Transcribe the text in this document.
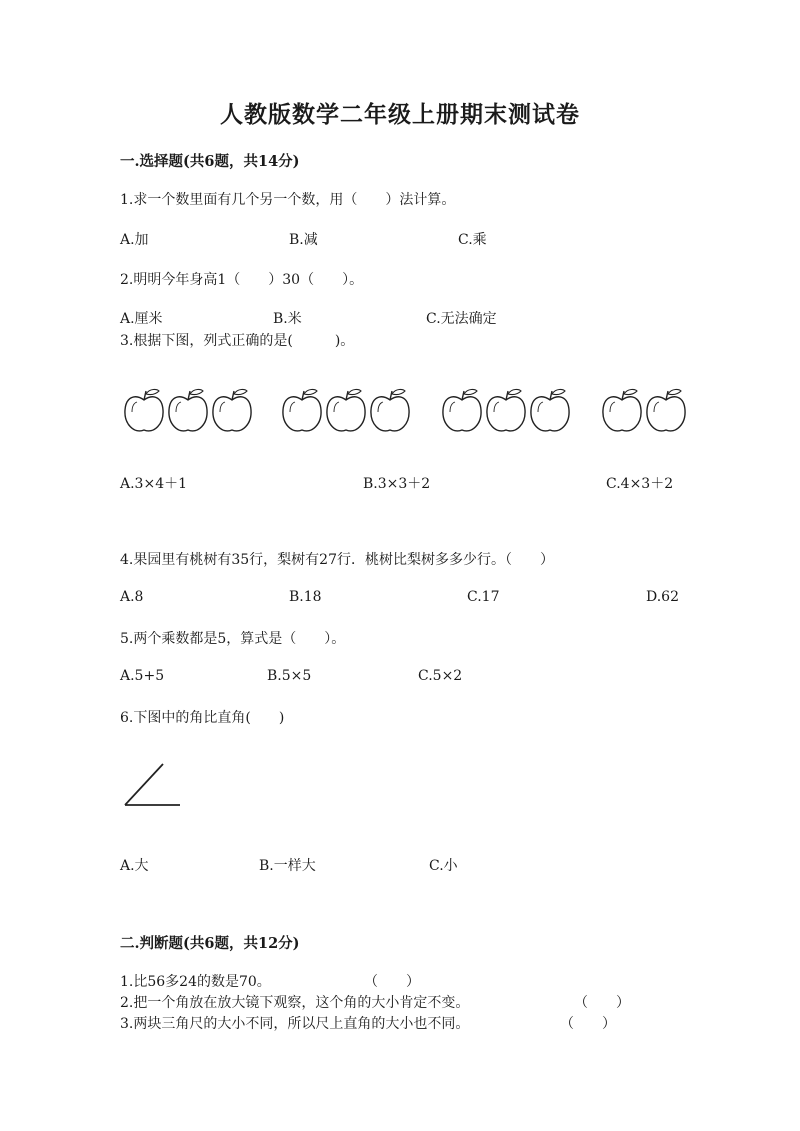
人教版数学二年级上册期末测试卷
一.选择题(共6题，共14分)
1.求一个数里面有几个另一个数，用（　　）法计算。
A.加	B.减	C.乘
2.明明今年身高1（　　）30（　　）。
A.厘米	B.米	C.无法确定
3.根据下图，列式正确的是(　　　)。
A.3×4＋1	B.3×3＋2	C.4×3＋2
4.果园里有桃树有35行，梨树有27行．桃树比梨树多多少行。（　　）
A.8	B.18	C.17	D.62
5.两个乘数都是5，算式是（　　）。
A.5+5	B.5×5	C.5×2
6.下图中的角比直角(　　)
A.大	B.一样大	C.小
二.判断题(共6题，共12分)
1.比56多24的数是70。	（　　）
2.把一个角放在放大镜下观察，这个角的大小肯定不变。	（　　）
3.两块三角尺的大小不同，所以尺上直角的大小也不同。	（　　）
